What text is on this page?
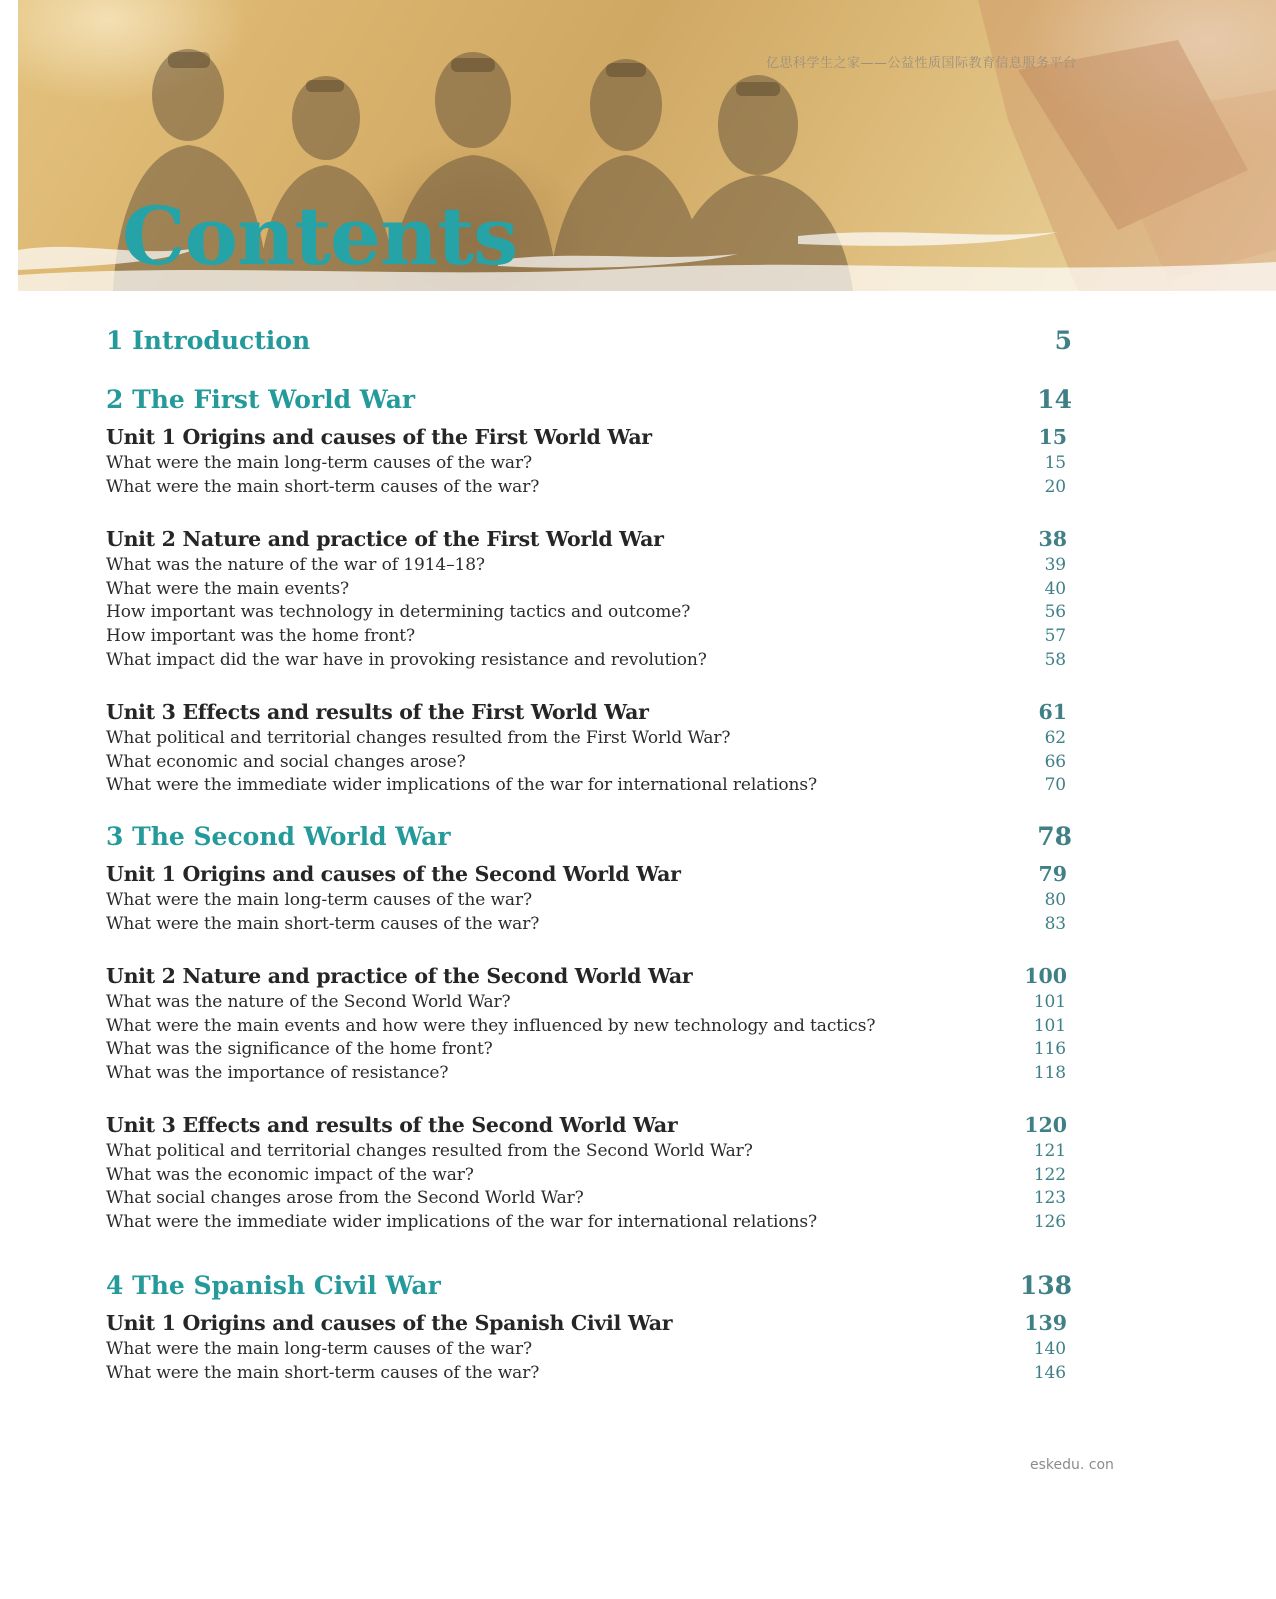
亿思科学生之家——公益性质国际教育信息服务平台
Contents
1 Introduction	5
2 The First World War	14
Unit 1 Origins and causes of the First World War	15
What were the main long-term causes of the war?	15
What were the main short-term causes of the war?	20
Unit 2 Nature and practice of the First World War	38
What was the nature of the war of 1914–18?	39
What were the main events?	40
How important was technology in determining tactics and outcome?	56
How important was the home front?	57
What impact did the war have in provoking resistance and revolution?	58
Unit 3 Effects and results of the First World War	61
What political and territorial changes resulted from the First World War?	62
What economic and social changes arose?	66
What were the immediate wider implications of the war for international relations?	70
3 The Second World War	78
Unit 1 Origins and causes of the Second World War	79
What were the main long-term causes of the war?	80
What were the main short-term causes of the war?	83
Unit 2 Nature and practice of the Second World War	100
What was the nature of the Second World War?	101
What were the main events and how were they influenced by new technology and tactics?	101
What was the significance of the home front?	116
What was the importance of resistance?	118
Unit 3 Effects and results of the Second World War	120
What political and territorial changes resulted from the Second World War?	121
What was the economic impact of the war?	122
What social changes arose from the Second World War?	123
What were the immediate wider implications of the war for international relations?	126
4 The Spanish Civil War	138
Unit 1 Origins and causes of the Spanish Civil War	139
What were the main long-term causes of the war?	140
What were the main short-term causes of the war?	146
eskedu. con
